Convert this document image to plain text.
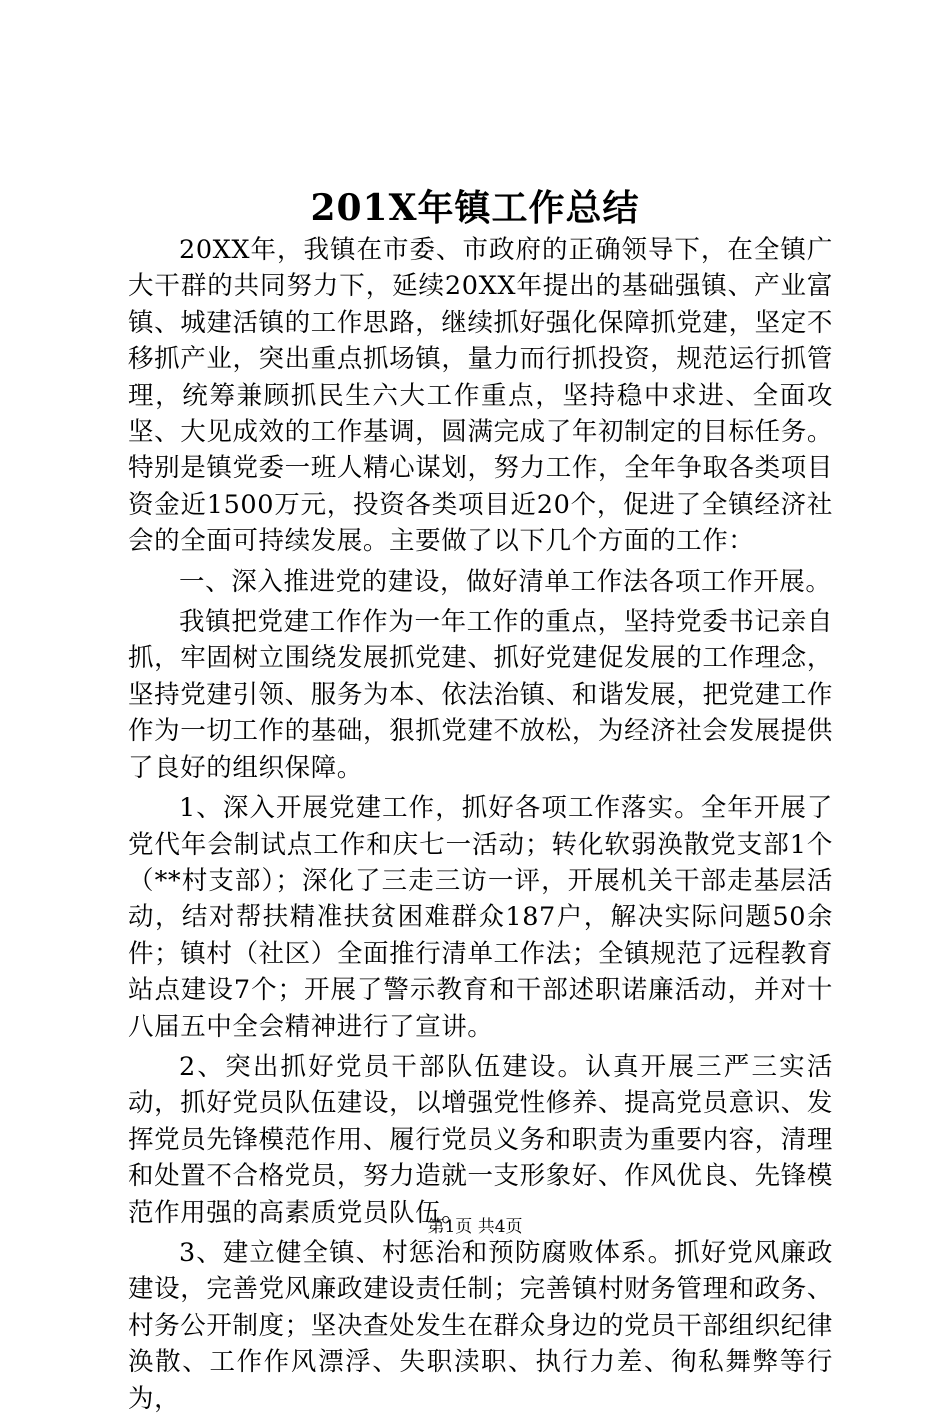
201X年镇工作总结

20XX年，我镇在市委、市政府的正确领导下，在全镇广大干群的共同努力下，延续20XX年提出的基础强镇、产业富镇、城建活镇的工作思路，继续抓好强化保障抓党建，坚定不移抓产业，突出重点抓场镇，量力而行抓投资，规范运行抓管理，统筹兼顾抓民生六大工作重点，坚持稳中求进、全面攻坚、大见成效的工作基调，圆满完成了年初制定的目标任务。特别是镇党委一班人精心谋划，努力工作，全年争取各类项目资金近1500万元，投资各类项目近20个，促进了全镇经济社会的全面可持续发展。主要做了以下几个方面的工作：

一、深入推进党的建设，做好清单工作法各项工作开展。

我镇把党建工作作为一年工作的重点，坚持党委书记亲自抓，牢固树立围绕发展抓党建、抓好党建促发展的工作理念，坚持党建引领、服务为本、依法治镇、和谐发展，把党建工作作为一切工作的基础，狠抓党建不放松，为经济社会发展提供了良好的组织保障。

1、深入开展党建工作，抓好各项工作落实。全年开展了党代年会制试点工作和庆七一活动；转化软弱涣散党支部1个（**村支部）；深化了三走三访一评，开展机关干部走基层活动，结对帮扶精准扶贫困难群众187户，解决实际问题50余件；镇村（社区）全面推行清单工作法；全镇规范了远程教育站点建设7个；开展了警示教育和干部述职诺廉活动，并对十八届五中全会精神进行了宣讲。

2、突出抓好党员干部队伍建设。认真开展三严三实活动，抓好党员队伍建设，以增强党性修养、提高党员意识、发挥党员先锋模范作用、履行党员义务和职责为重要内容，清理和处置不合格党员，努力造就一支形象好、作风优良、先锋模范作用强的高素质党员队伍。

3、建立健全镇、村惩治和预防腐败体系。抓好党风廉政建设，完善党风廉政建设责任制；完善镇村财务管理和政务、村务公开制度；坚决查处发生在群众身边的党员干部组织纪律涣散、工作作风漂浮、失职渎职、执行力差、徇私舞弊等行为，

第1页 共4页
